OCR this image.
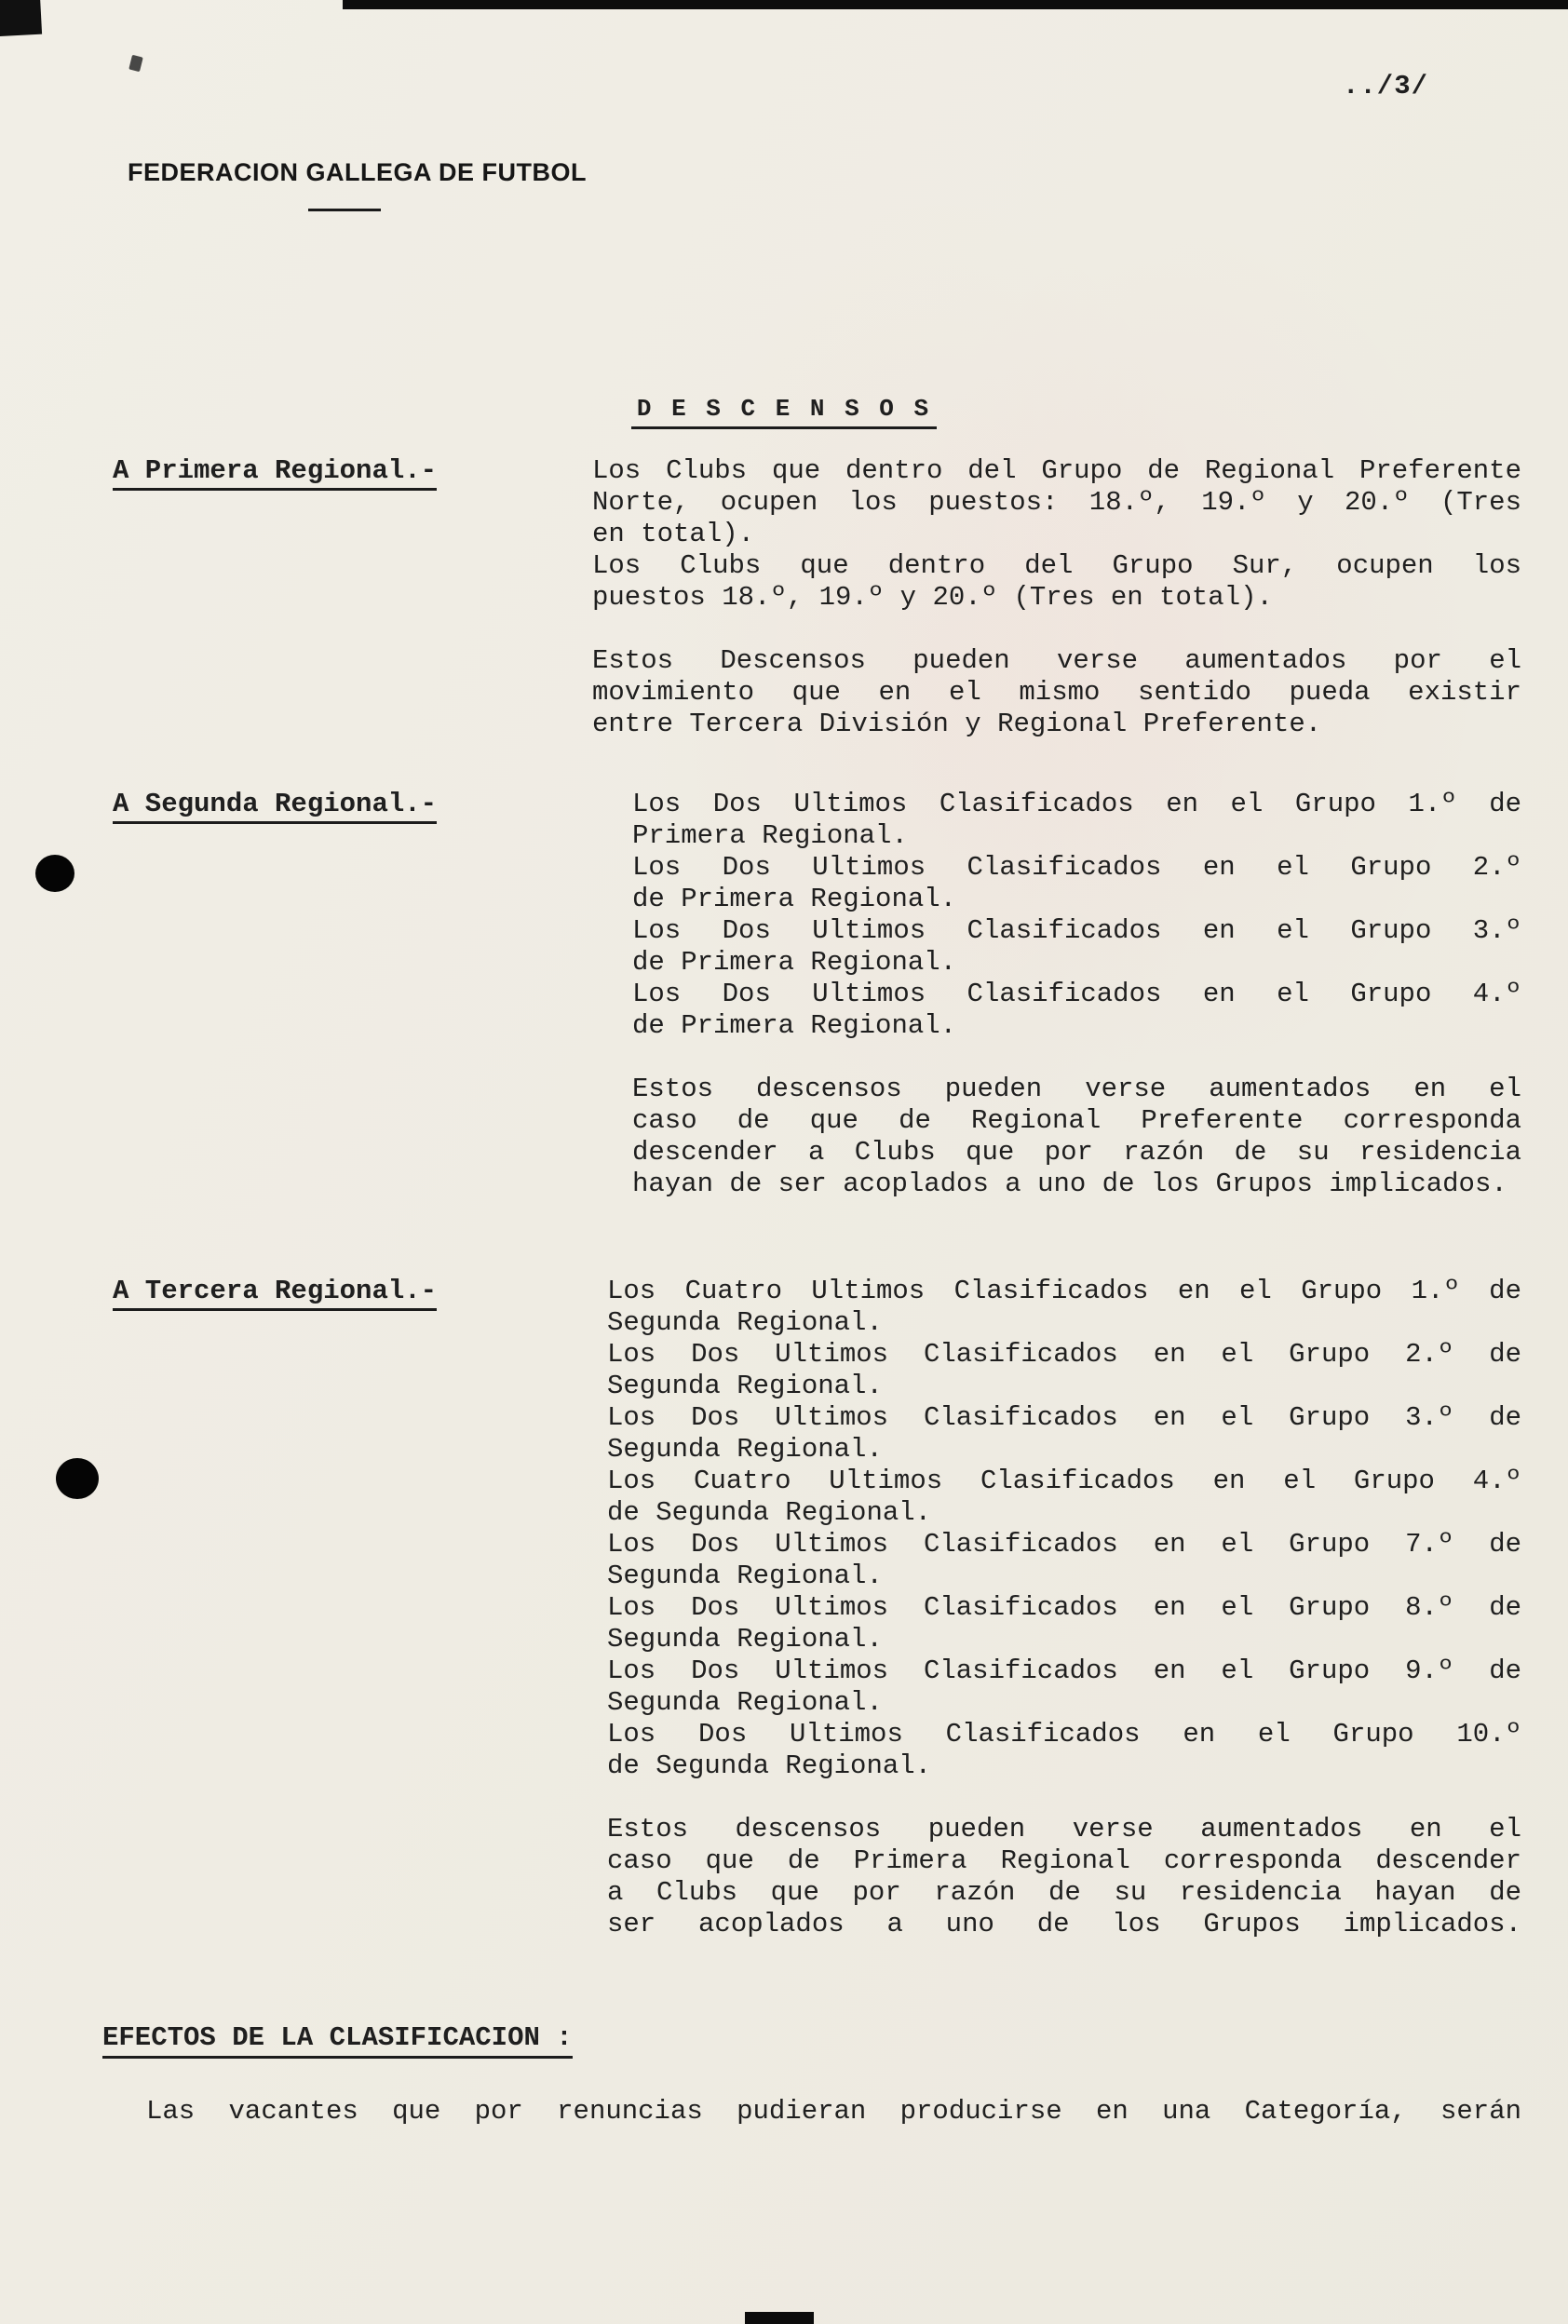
../3/
FEDERACION GALLEGA DE FUTBOL
D E S C E N S O S
A Primera Regional.-	Los Clubs que dentro del Grupo de Regional Preferente
Norte, ocupen los puestos: 18.º, 19.º y 20.º (Tres
en total).
Los Clubs que dentro del Grupo Sur, ocupen los
puestos 18.º, 19.º y 20.º (Tres en total).
Estos Descensos pueden verse aumentados por el
movimiento que en el mismo sentido pueda existir
entre Tercera División y Regional Preferente.
A Segunda Regional.-	Los Dos Ultimos Clasificados en el Grupo 1.º de
Primera Regional.
Los Dos Ultimos Clasificados en el Grupo 2.º
de Primera Regional.
Los Dos Ultimos Clasificados en el Grupo 3.º
de Primera Regional.
Los Dos Ultimos Clasificados en el Grupo 4.º
de Primera Regional.
Estos descensos pueden verse aumentados en el
caso de que de Regional Preferente corresponda
descender a Clubs que por razón de su residencia
hayan de ser acoplados a uno de los Grupos implicados.
A Tercera Regional.-	Los Cuatro Ultimos Clasificados en el Grupo 1.º de
Segunda Regional.
Los Dos Ultimos Clasificados en el Grupo 2.º de
Segunda Regional.
Los Dos Ultimos Clasificados en el Grupo 3.º de
Segunda Regional.
Los Cuatro Ultimos Clasificados en el Grupo 4.º
de Segunda Regional.
Los Dos Ultimos Clasificados en el Grupo 7.º de
Segunda Regional.
Los Dos Ultimos Clasificados en el Grupo 8.º de
Segunda Regional.
Los Dos Ultimos Clasificados en el Grupo 9.º de
Segunda Regional.
Los Dos Ultimos Clasificados en el Grupo 10.º
de Segunda Regional.
Estos descensos pueden verse aumentados en el
caso que de Primera Regional corresponda descender
a Clubs que por razón de su residencia hayan de
ser acoplados a uno de los Grupos implicados.
EFECTOS DE LA CLASIFICACION :
Las vacantes que por renuncias pudieran producirse en una Categoría, serán
